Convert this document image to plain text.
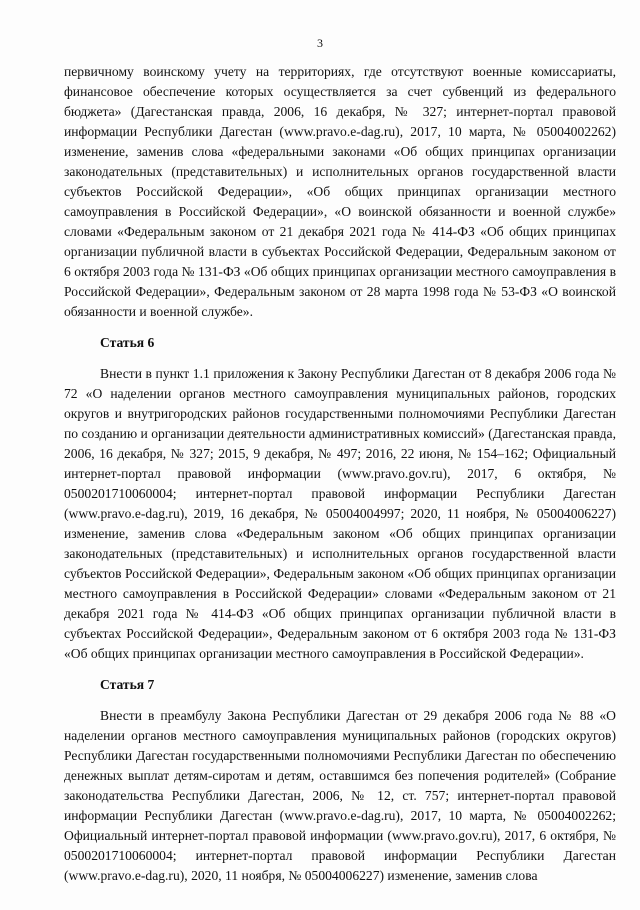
3

первичному воинскому учету на территориях, где отсутствуют военные комиссариаты, финансовое обеспечение которых осуществляется за счет субвенций из федерального бюджета» (Дагестанская правда, 2006, 16 декабря, № 327; интернет-портал правовой информации Республики Дагестан (www.pravo.e-dag.ru), 2017, 10 марта, № 05004002262) изменение, заменив слова «федеральными законами «Об общих принципах организации законодательных (представительных) и исполнительных органов государственной власти субъектов Российской Федерации», «Об общих принципах организации местного самоуправления в Российской Федерации», «О воинской обязанности и военной службе» словами «Федеральным законом от 21 декабря 2021 года № 414-ФЗ «Об общих принципах организации публичной власти в субъектах Российской Федерации, Федеральным законом от 6 октября 2003 года № 131-ФЗ «Об общих принципах организации местного самоуправления в Российской Федерации», Федеральным законом от 28 марта 1998 года № 53-ФЗ «О воинской обязанности и военной службе».

Статья 6

Внести в пункт 1.1 приложения к Закону Республики Дагестан от 8 декабря 2006 года № 72 «О наделении органов местного самоуправления муниципальных районов, городских округов и внутригородских районов государственными полномочиями Республики Дагестан по созданию и организации деятельности административных комиссий» (Дагестанская правда, 2006, 16 декабря, № 327; 2015, 9 декабря, № 497; 2016, 22 июня, № 154–162; Официальный интернет-портал правовой информации (www.pravo.gov.ru), 2017, 6 октября, № 0500201710060004; интернет-портал правовой информации Республики Дагестан (www.pravo.e-dag.ru), 2019, 16 декабря, № 05004004997; 2020, 11 ноября, № 05004006227) изменение, заменив слова «Федеральным законом «Об общих принципах организации законодательных (представительных) и исполнительных органов государственной власти субъектов Российской Федерации», Федеральным законом «Об общих принципах организации местного самоуправления в Российской Федерации» словами «Федеральным законом от 21 декабря 2021 года № 414-ФЗ «Об общих принципах организации публичной власти в субъектах Российской Федерации», Федеральным законом от 6 октября 2003 года № 131-ФЗ «Об общих принципах организации местного самоуправления в Российской Федерации».

Статья 7

Внести в преамбулу Закона Республики Дагестан от 29 декабря 2006 года № 88 «О наделении органов местного самоуправления муниципальных районов (городских округов) Республики Дагестан государственными полномочиями Республики Дагестан по обеспечению денежных выплат детям-сиротам и детям, оставшимся без попечения родителей» (Собрание законодательства Республики Дагестан, 2006, № 12, ст. 757; интернет-портал правовой информации Республики Дагестан (www.pravo.e-dag.ru), 2017, 10 марта, № 05004002262; Официальный интернет-портал правовой информации (www.pravo.gov.ru), 2017, 6 октября, № 0500201710060004; интернет-портал правовой информации Республики Дагестан (www.pravo.e-dag.ru), 2020, 11 ноября, № 05004006227) изменение, заменив слова
